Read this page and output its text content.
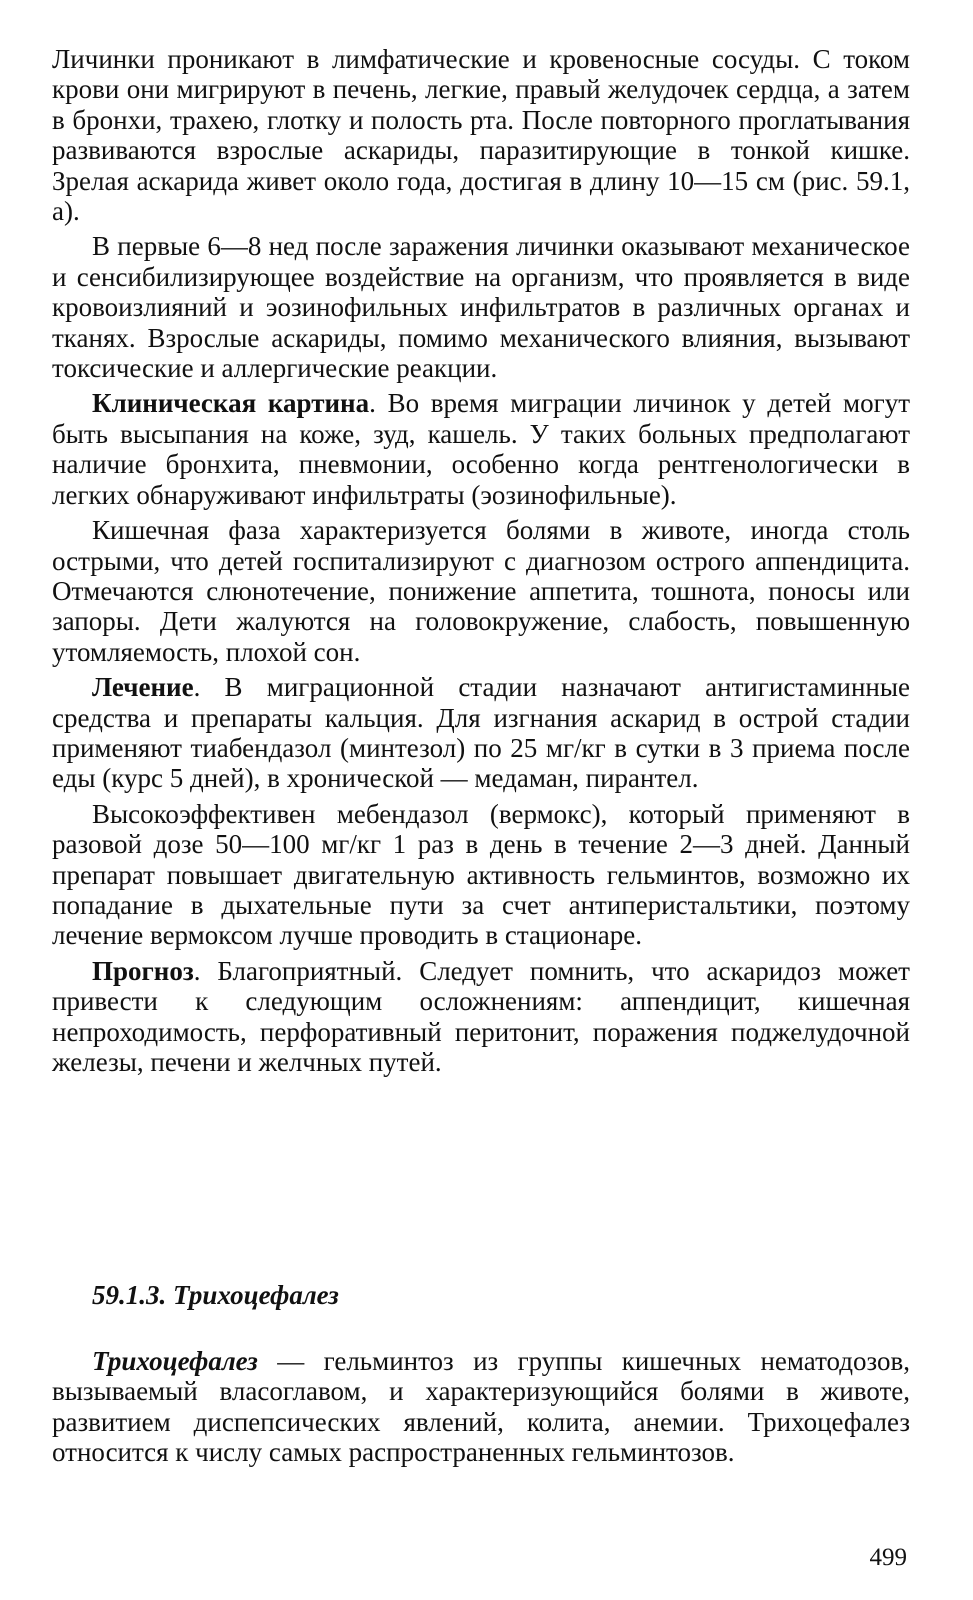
Личинки проникают в лимфатические и кровеносные сосуды. С током крови они мигрируют в печень, легкие, правый желудочек сердца, а затем в бронхи, трахею, глотку и полость рта. После повторного проглатывания развиваются взрослые аскариды, паразитирующие в тонкой кишке. Зрелая аскарида живет около года, достигая в длину 10—15 см (рис. 59.1, а).

В первые 6—8 нед после заражения личинки оказывают механическое и сенсибилизирующее воздействие на организм, что проявляется в виде кровоизлияний и эозинофильных инфильтратов в различных органах и тканях. Взрослые аскариды, помимо механического влияния, вызывают токсические и аллергические реакции.

Клиническая картина. Во время миграции личинок у детей могут быть высыпания на коже, зуд, кашель. У таких больных предполагают наличие бронхита, пневмонии, особенно когда рентгенологически в легких обнаруживают инфильтраты (эозинофильные).

Кишечная фаза характеризуется болями в животе, иногда столь острыми, что детей госпитализируют с диагнозом острого аппендицита. Отмечаются слюнотечение, понижение аппетита, тошнота, поносы или запоры. Дети жалуются на головокружение, слабость, повышенную утомляемость, плохой сон.

Лечение. В миграционной стадии назначают антигистаминные средства и препараты кальция. Для изгнания аскарид в острой стадии применяют тиабендазол (минтезол) по 25 мг/кг в сутки в 3 приема после еды (курс 5 дней), в хронической — медаман, пирантел.

Высокоэффективен мебендазол (вермокс), который применяют в разовой дозе 50—100 мг/кг 1 раз в день в течение 2—3 дней. Данный препарат повышает двигательную активность гельминтов, возможно их попадание в дыхательные пути за счет антиперистальтики, поэтому лечение вермоксом лучше проводить в стационаре.

Прогноз. Благоприятный. Следует помнить, что аскаридоз может привести к следующим осложнениям: аппендицит, кишечная непроходимость, перфоративный перитонит, поражения поджелудочной железы, печени и желчных путей.

59.1.3. Трихоцефалез

Трихоцефалез — гельминтоз из группы кишечных нематодозов, вызываемый власоглавом, и характеризующийся болями в животе, развитием диспепсических явлений, колита, анемии. Трихоцефалез относится к числу самых распространенных гельминтозов.

499
